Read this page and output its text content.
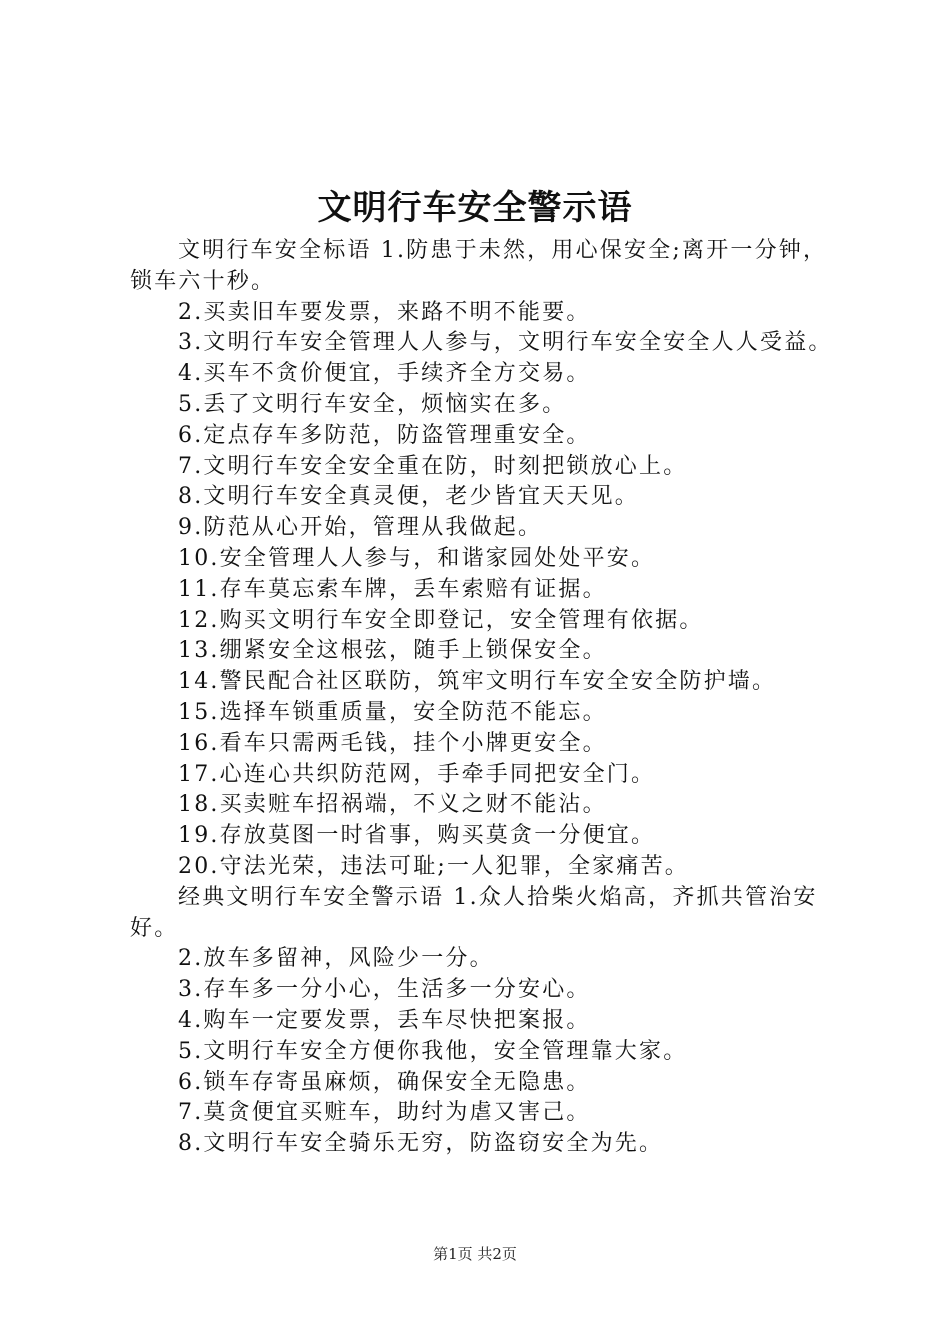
文明行车安全警示语

文明行车安全标语 1.防患于未然，用心保安全;离开一分钟，锁车六十秒。

2.买卖旧车要发票，来路不明不能要。

3.文明行车安全管理人人参与，文明行车安全安全人人受益。

4.买车不贪价便宜，手续齐全方交易。

5.丢了文明行车安全，烦恼实在多。

6.定点存车多防范，防盗管理重安全。

7.文明行车安全安全重在防，时刻把锁放心上。

8.文明行车安全真灵便，老少皆宜天天见。

9.防范从心开始，管理从我做起。

10.安全管理人人参与，和谐家园处处平安。

11.存车莫忘索车牌，丢车索赔有证据。

12.购买文明行车安全即登记，安全管理有依据。

13.绷紧安全这根弦，随手上锁保安全。

14.警民配合社区联防，筑牢文明行车安全安全防护墙。

15.选择车锁重质量，安全防范不能忘。

16.看车只需两毛钱，挂个小牌更安全。

17.心连心共织防范网，手牵手同把安全门。

18.买卖赃车招祸端，不义之财不能沾。

19.存放莫图一时省事，购买莫贪一分便宜。

20.守法光荣，违法可耻;一人犯罪，全家痛苦。

经典文明行车安全警示语 1.众人拾柴火焰高，齐抓共管治安好。

2.放车多留神，风险少一分。

3.存车多一分小心，生活多一分安心。

4.购车一定要发票，丢车尽快把案报。

5.文明行车安全方便你我他，安全管理靠大家。

6.锁车存寄虽麻烦，确保安全无隐患。

7.莫贪便宜买赃车，助纣为虐又害己。

8.文明行车安全骑乐无穷，防盗窃安全为先。

第1页 共2页
